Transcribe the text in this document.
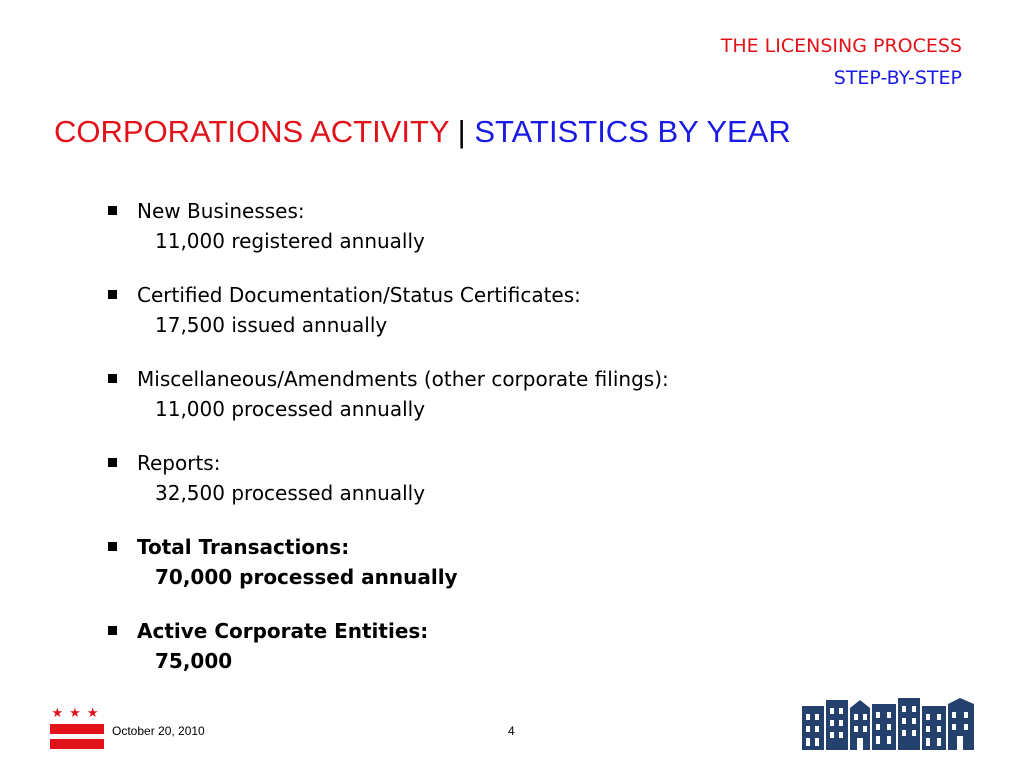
THE LICENSING PROCESS
STEP-BY-STEP
CORPORATIONS ACTIVITY | STATISTICS BY YEAR
New Businesses:
11,000 registered annually
Certified Documentation/Status Certificates:
17,500 issued annually
Miscellaneous/Amendments (other corporate filings):
11,000 processed annually
Reports:
32,500 processed annually
Total Transactions:
70,000 processed annually
Active Corporate Entities:
75,000
★★★
October 20, 2010	4
